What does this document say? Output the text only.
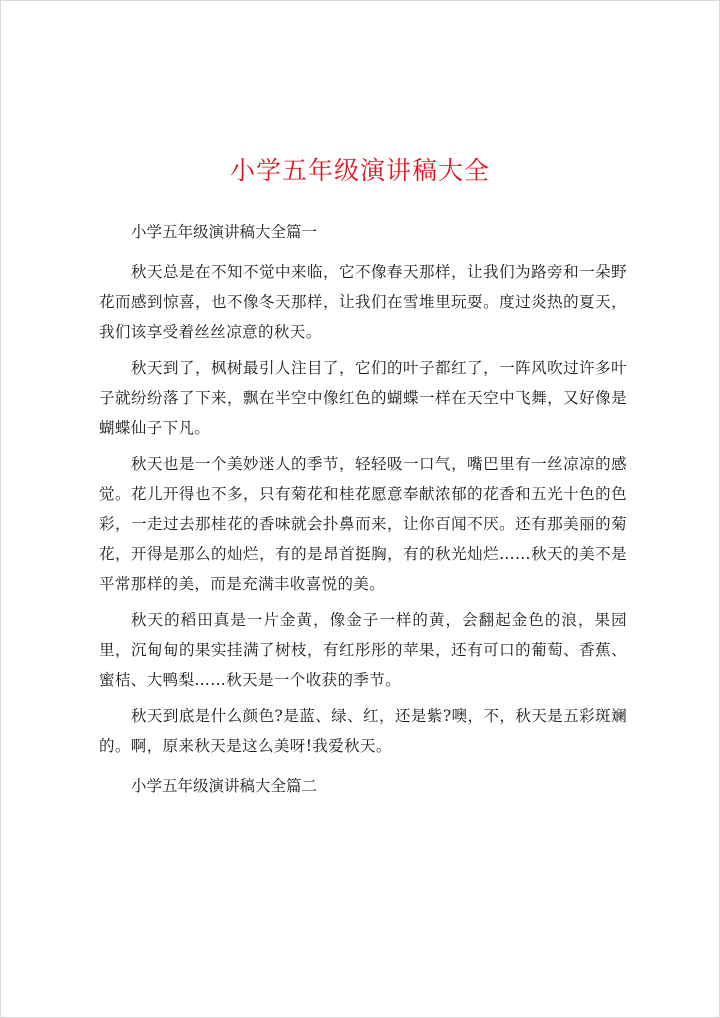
小学五年级演讲稿大全

小学五年级演讲稿大全篇一

秋天总是在不知不觉中来临，它不像春天那样，让我们为路旁和一朵野花而感到惊喜，也不像冬天那样，让我们在雪堆里玩耍。度过炎热的夏天，我们该享受着丝丝凉意的秋天。

秋天到了，枫树最引人注目了，它们的叶子都红了，一阵风吹过许多叶子就纷纷落了下来，飘在半空中像红色的蝴蝶一样在天空中飞舞，又好像是蝴蝶仙子下凡。

秋天也是一个美妙迷人的季节，轻轻吸一口气，嘴巴里有一丝凉凉的感觉。花儿开得也不多，只有菊花和桂花愿意奉献浓郁的花香和五光十色的色彩，一走过去那桂花的香味就会扑鼻而来，让你百闻不厌。还有那美丽的菊花，开得是那么的灿烂，有的是昂首挺胸，有的秋光灿烂……秋天的美不是平常那样的美，而是充满丰收喜悦的美。

秋天的稻田真是一片金黄，像金子一样的黄，会翻起金色的浪，果园里，沉甸甸的果实挂满了树枝，有红彤彤的苹果，还有可口的葡萄、香蕉、蜜桔、大鸭梨……秋天是一个收获的季节。

秋天到底是什么颜色?是蓝、绿、红，还是紫?噢，不，秋天是五彩斑斓的。啊，原来秋天是这么美呀!我爱秋天。

小学五年级演讲稿大全篇二
